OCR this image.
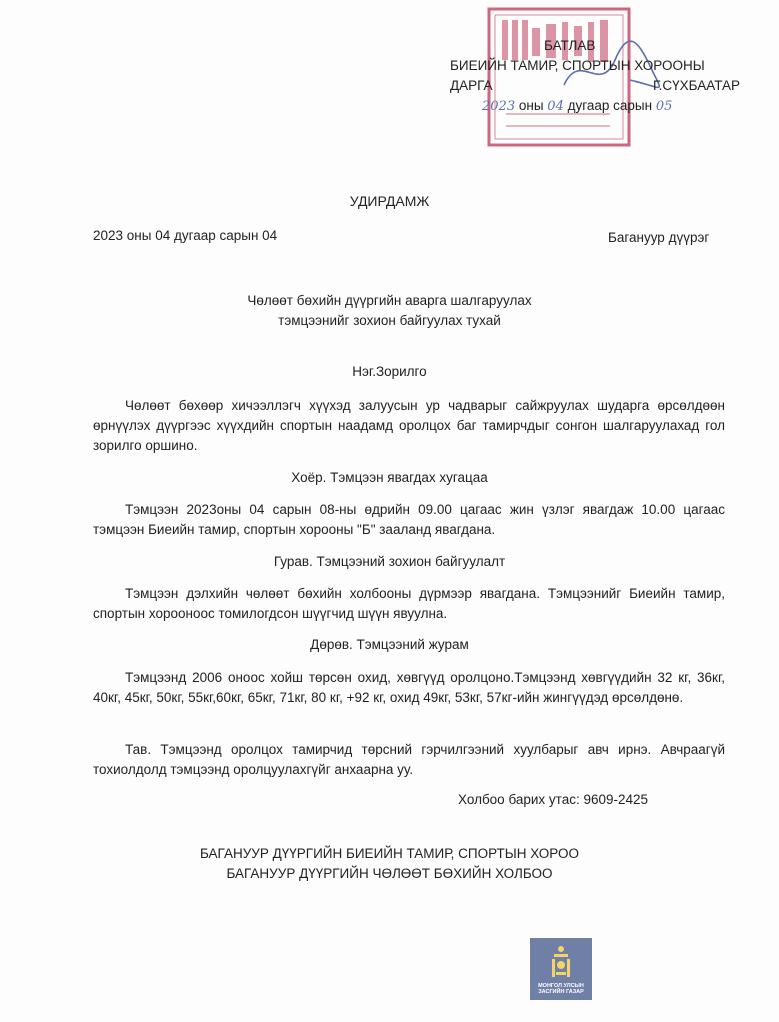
БАТЛАВ
БИЕИЙН ТАМИР, СПОРТЫН ХОРООНЫ
ДАРГА	Г.СҮХБААТАР
2023 оны 04 дугаар сарын 05
УДИРДАМЖ
2023 оны 04 дугаар сарын 04	Багануур дүүрэг
Чөлөөт бөхийн дүүргийн аварга шалгаруулах
тэмцээнийг зохион байгуулах тухай
Нэг.Зорилго
Чөлөөт бөхөөр хичээллэгч хүүхэд залуусын ур чадварыг сайжруулах шударга өрсөлдөөн өрнүүлэх дүүргээс хүүхдийн спортын наадамд оролцох баг тамирчдыг сонгон шалгаруулахад гол зорилго оршино.
Хоёр. Тэмцээн явагдах хугацаа
Тэмцээн 2023оны 04 сарын 08-ны өдрийн 09.00 цагаас жин үзлэг явагдаж 10.00 цагаас тэмцээн Биеийн тамир, спортын хорооны "Б" зааланд явагдана.
Гурав. Тэмцээний зохион байгуулалт
Тэмцээн дэлхийн чөлөөт бөхийн холбооны дүрмээр явагдана. Тэмцээнийг Биеийн тамир, спортын хорооноос томилогдсон шүүгчид шүүн явуулна.
Дөрөв. Тэмцээний журам
Тэмцээнд 2006 оноос хойш төрсөн охид, хөвгүүд оролцоно.Тэмцээнд хөвгүүдийн 32 кг, 36кг, 40кг, 45кг, 50кг, 55кг,60кг, 65кг, 71кг, 80 кг, +92 кг, охид 49кг, 53кг, 57кг-ийн жингүүдэд өрсөлдөнө.
Тав. Тэмцээнд оролцох тамирчид төрсний гэрчилгээний хуулбарыг авч ирнэ. Авчраагүй тохиолдолд тэмцээнд оролцуулахгүйг анхаарна уу.
Холбоо барих утас: 9609-2425
БАГАНУУР ДҮҮРГИЙН БИЕИЙН ТАМИР, СПОРТЫН ХОРОО
БАГАНУУР ДҮҮРГИЙН ЧӨЛӨӨТ БӨХИЙН ХОЛБОО
МОНГОЛ УЛСЫН
ЗАСГИЙН ГАЗАР
